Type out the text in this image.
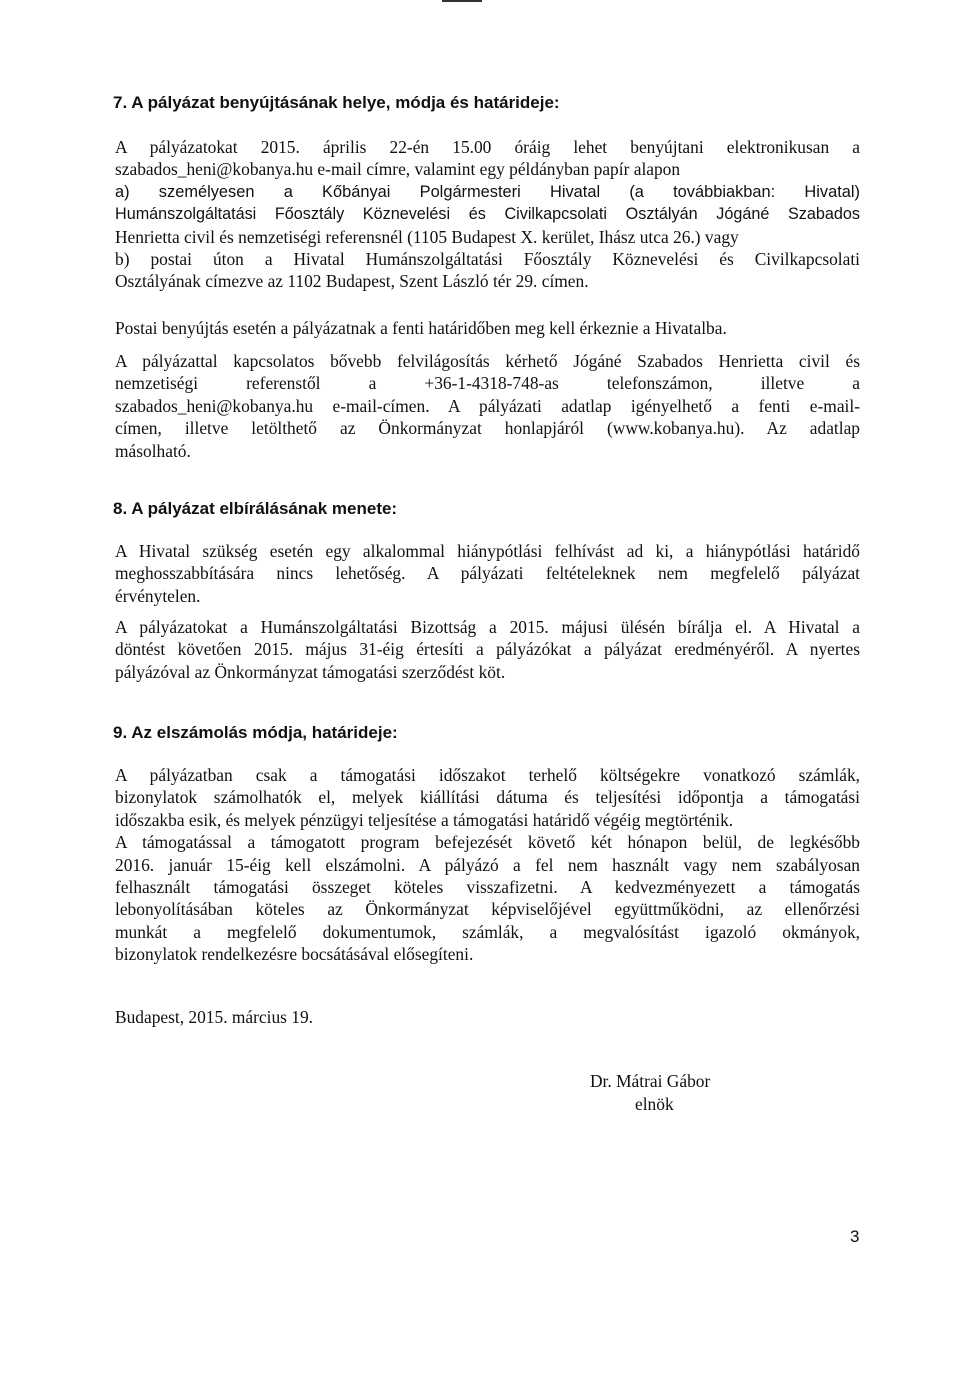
7. A pályázat benyújtásának helye, módja és határideje:
A pályázatokat 2015. április 22-én 15.00 óráig lehet benyújtani elektronikusan a
szabados_heni@kobanya.hu e-mail címre, valamint egy példányban papír alapon
a) személyesen a Kőbányai Polgármesteri Hivatal (a továbbiakban: Hivatal)
Humánszolgáltatási Főosztály Köznevelési és Civilkapcsolati Osztályán Jógáné Szabados
Henrietta civil és nemzetiségi referensnél (1105 Budapest X. kerület, Ihász utca 26.) vagy
b) postai úton a Hivatal Humánszolgáltatási Főosztály Köznevelési és Civilkapcsolati
Osztályának címezve az 1102 Budapest, Szent László tér 29. címen.
Postai benyújtás esetén a pályázatnak a fenti határidőben meg kell érkeznie a Hivatalba.
A pályázattal kapcsolatos bővebb felvilágosítás kérhető Jógáné Szabados Henrietta civil és
nemzetiségi referenstől a +36-1-4318-748-as telefonszámon, illetve a
szabados_heni@kobanya.hu e-mail-címen. A pályázati adatlap igényelhető a fenti e-mail-
címen, illetve letölthető az Önkormányzat honlapjáról (www.kobanya.hu). Az adatlap
másolható.
8. A pályázat elbírálásának menete:
A Hivatal szükség esetén egy alkalommal hiánypótlási felhívást ad ki, a hiánypótlási határidő
meghosszabbítására nincs lehetőség. A pályázati feltételeknek nem megfelelő pályázat
érvénytelen.
A pályázatokat a Humánszolgáltatási Bizottság a 2015. májusi ülésén bírálja el. A Hivatal a
döntést követően 2015. május 31-éig értesíti a pályázókat a pályázat eredményéről. A nyertes
pályázóval az Önkormányzat támogatási szerződést köt.
9. Az elszámolás módja, határideje:
A pályázatban csak a támogatási időszakot terhelő költségekre vonatkozó számlák,
bizonylatok számolhatók el, melyek kiállítási dátuma és teljesítési időpontja a támogatási
időszakba esik, és melyek pénzügyi teljesítése a támogatási határidő végéig megtörténik.
A támogatással a támogatott program befejezését követő két hónapon belül, de legkésőbb
2016. január 15-éig kell elszámolni. A pályázó a fel nem használt vagy nem szabályosan
felhasznált támogatási összeget köteles visszafizetni. A kedvezményezett a támogatás
lebonyolításában köteles az Önkormányzat képviselőjével együttműködni, az ellenőrzési
munkát a megfelelő dokumentumok, számlák, a megvalósítást igazoló okmányok,
bizonylatok rendelkezésre bocsátásával elősegíteni.
Budapest, 2015. március 19.
Dr. Mátrai Gábor
elnök
3
